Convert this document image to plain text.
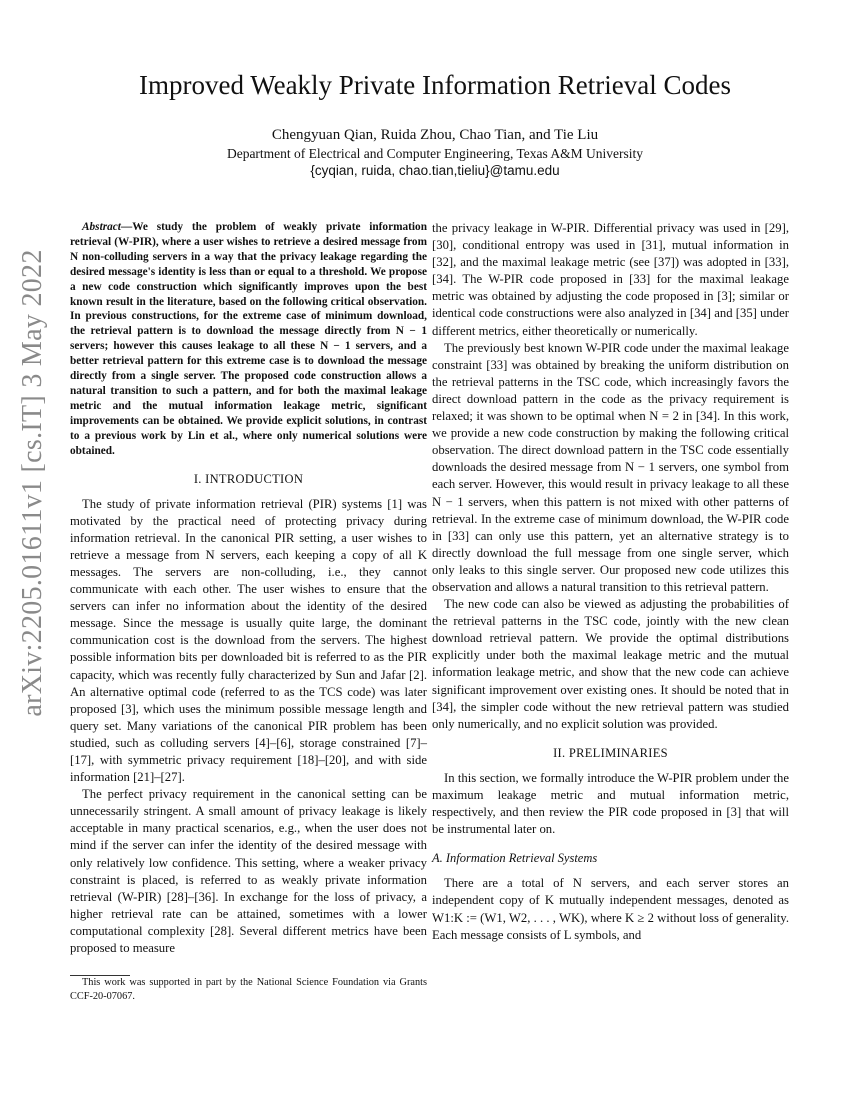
arXiv:2205.01611v1 [cs.IT] 3 May 2022
Improved Weakly Private Information Retrieval Codes
Chengyuan Qian, Ruida Zhou, Chao Tian, and Tie Liu
Department of Electrical and Computer Engineering, Texas A&M University
{cyqian, ruida, chao.tian,tieliu}@tamu.edu

Abstract—We study the problem of weakly private information retrieval (W-PIR), where a user wishes to retrieve a desired message from N non-colluding servers in a way that the privacy leakage regarding the desired message's identity is less than or equal to a threshold. We propose a new code construction which significantly improves upon the best known result in the literature, based on the following critical observation. In previous constructions, for the extreme case of minimum download, the retrieval pattern is to download the message directly from N − 1 servers; however this causes leakage to all these N − 1 servers, and a better retrieval pattern for this extreme case is to download the message directly from a single server. The proposed code construction allows a natural transition to such a pattern, and for both the maximal leakage metric and the mutual information leakage metric, significant improvements can be obtained. We provide explicit solutions, in contrast to a previous work by Lin et al., where only numerical solutions were obtained.

I. INTRODUCTION

The study of private information retrieval (PIR) systems [1] was motivated by the practical need of protecting privacy during information retrieval. In the canonical PIR setting, a user wishes to retrieve a message from N servers, each keeping a copy of all K messages. The servers are non-colluding, i.e., they cannot communicate with each other. The user wishes to ensure that the servers can infer no information about the identity of the desired message. Since the message is usually quite large, the dominant communication cost is the download from the servers. The highest possible information bits per downloaded bit is referred to as the PIR capacity, which was recently fully characterized by Sun and Jafar [2]. An alternative optimal code (referred to as the TCS code) was later proposed [3], which uses the minimum possible message length and query set. Many variations of the canonical PIR problem has been studied, such as colluding servers [4]–[6], storage constrained [7]–[17], with symmetric privacy requirement [18]–[20], and with side information [21]–[27].

The perfect privacy requirement in the canonical setting can be unnecessarily stringent. A small amount of privacy leakage is likely acceptable in many practical scenarios, e.g., when the user does not mind if the server can infer the identity of the desired message with only relatively low confidence. This setting, where a weaker privacy constraint is placed, is referred to as weakly private information retrieval (W-PIR) [28]–[36]. In exchange for the loss of privacy, a higher retrieval rate can be attained, sometimes with a lower computational complexity [28]. Several different metrics have been proposed to measure

This work was supported in part by the National Science Foundation via Grants CCF-20-07067.

the privacy leakage in W-PIR. Differential privacy was used in [29], [30], conditional entropy was used in [31], mutual information in [32], and the maximal leakage metric (see [37]) was adopted in [33], [34]. The W-PIR code proposed in [33] for the maximal leakage metric was obtained by adjusting the code proposed in [3]; similar or identical code constructions were also analyzed in [34] and [35] under different metrics, either theoretically or numerically.

The previously best known W-PIR code under the maximal leakage constraint [33] was obtained by breaking the uniform distribution on the retrieval patterns in the TSC code, which increasingly favors the direct download pattern in the code as the privacy requirement is relaxed; it was shown to be optimal when N = 2 in [34]. In this work, we provide a new code construction by making the following critical observation. The direct download pattern in the TSC code essentially downloads the desired message from N − 1 servers, one symbol from each server. However, this would result in privacy leakage to all these N − 1 servers, when this pattern is not mixed with other patterns of retrieval. In the extreme case of minimum download, the W-PIR code in [33] can only use this pattern, yet an alternative strategy is to directly download the full message from one single server, which only leaks to this single server. Our proposed new code utilizes this observation and allows a natural transition to this retrieval pattern.

The new code can also be viewed as adjusting the probabilities of the retrieval patterns in the TSC code, jointly with the new clean download retrieval pattern. We provide the optimal distributions explicitly under both the maximal leakage metric and the mutual information leakage metric, and show that the new code can achieve significant improvement over existing ones. It should be noted that in [34], the simpler code without the new retrieval pattern was studied only numerically, and no explicit solution was provided.

II. PRELIMINARIES

In this section, we formally introduce the W-PIR problem under the maximum leakage metric and mutual information metric, respectively, and then review the PIR code proposed in [3] that will be instrumental later on.

A. Information Retrieval Systems

There are a total of N servers, and each server stores an independent copy of K mutually independent messages, denoted as W1:K := (W1, W2, . . . , WK), where K ≥ 2 without loss of generality. Each message consists of L symbols, and
